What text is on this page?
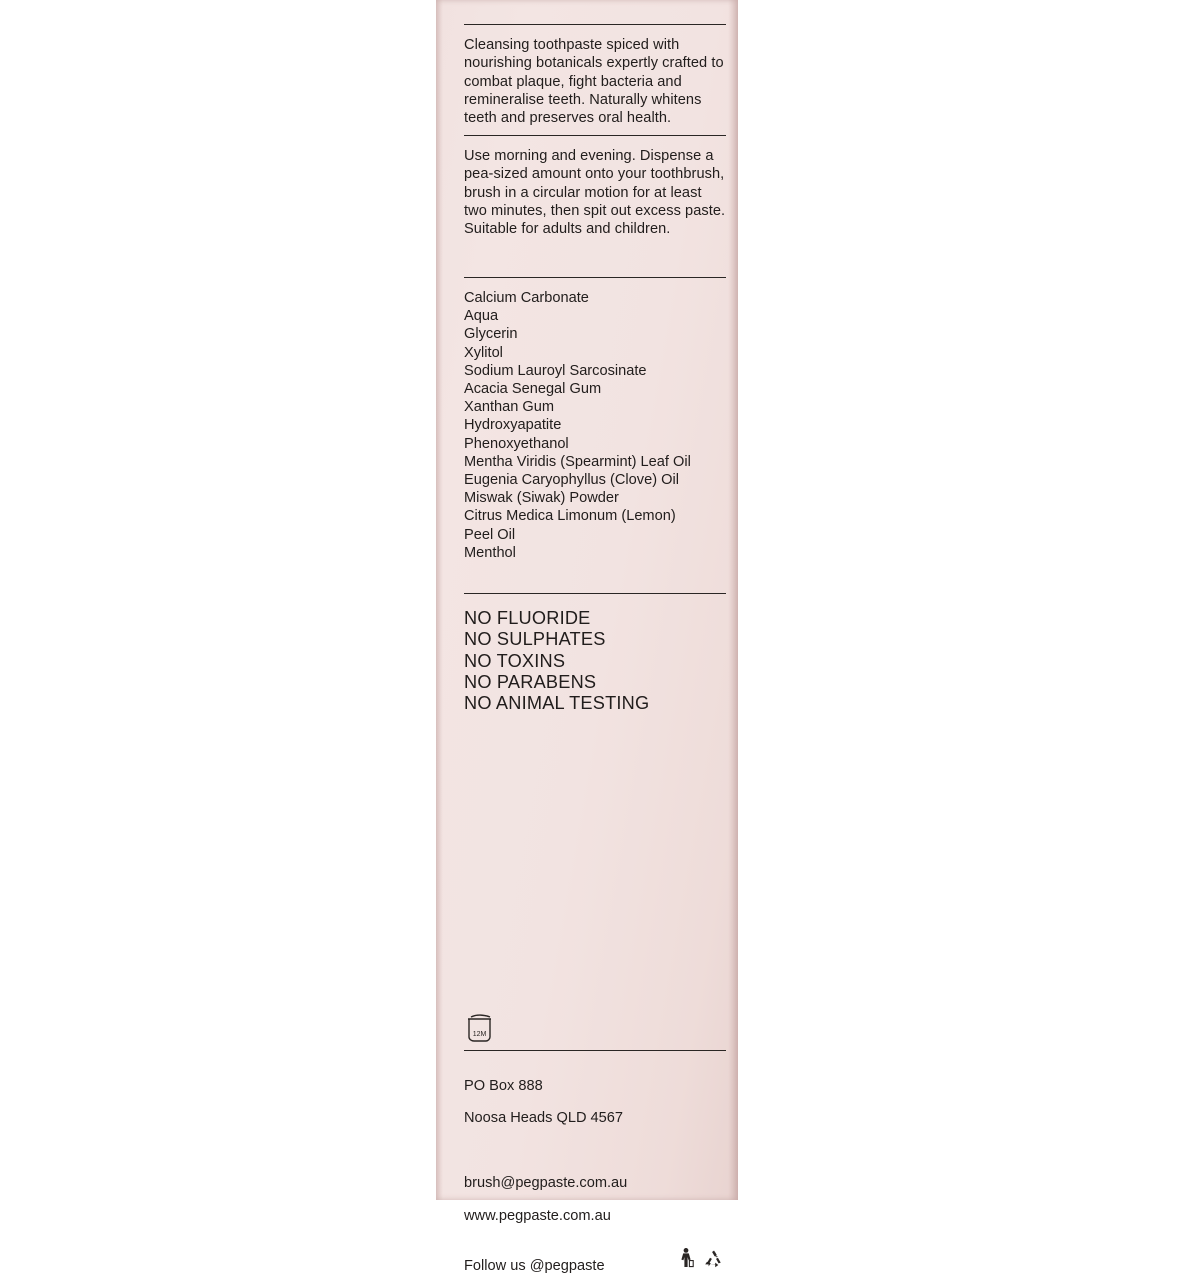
Cleansing toothpaste spiced with nourishing botanicals expertly crafted to combat plaque, fight bacteria and remineralise teeth. Naturally whitens teeth and preserves oral health.

Use morning and evening. Dispense a pea-sized amount onto your toothbrush, brush in a circular motion for at least two minutes, then spit out excess paste. Suitable for adults and children.

Calcium Carbonate
Aqua
Glycerin
Xylitol
Sodium Lauroyl Sarcosinate
Acacia Senegal Gum
Xanthan Gum
Hydroxyapatite
Phenoxyethanol
Mentha Viridis (Spearmint) Leaf Oil
Eugenia Caryophyllus (Clove) Oil
Miswak (Siwak) Powder
Citrus Medica Limonum (Lemon)
Peel Oil
Menthol
NO FLUORIDE
NO SULPHATES
NO TOXINS
NO PARABENS
NO ANIMAL TESTING
12M

PO Box 888

Noosa Heads QLD 4567

brush@pegpaste.com.au

www.pegpaste.com.au

Follow us @pegpaste
